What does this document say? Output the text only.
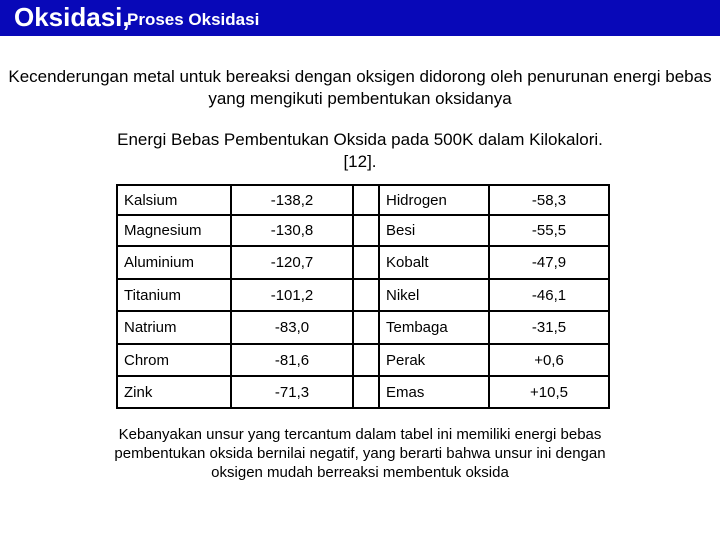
Oksidasi,
Proses Oksidasi
Kecenderungan metal untuk bereaksi dengan oksigen didorong oleh penurunan energi bebas yang mengikuti pembentukan oksidanya
Energi Bebas Pembentukan Oksida pada 500K dalam Kilokalori.[12].
Kalsium	-138,2		Hidrogen	-58,3
Magnesium	-130,8		Besi	-55,5
Aluminium	-120,7		Kobalt	-47,9
Titanium	-101,2		Nikel	-46,1
Natrium	-83,0		Tembaga	-31,5
Chrom	-81,6		Perak	+0,6
Zink	-71,3		Emas	+10,5
Kebanyakan unsur yang tercantum dalam tabel ini memiliki energi bebas pembentukan oksida bernilai negatif, yang berarti bahwa unsur ini dengan oksigen mudah berreaksi membentuk oksida
